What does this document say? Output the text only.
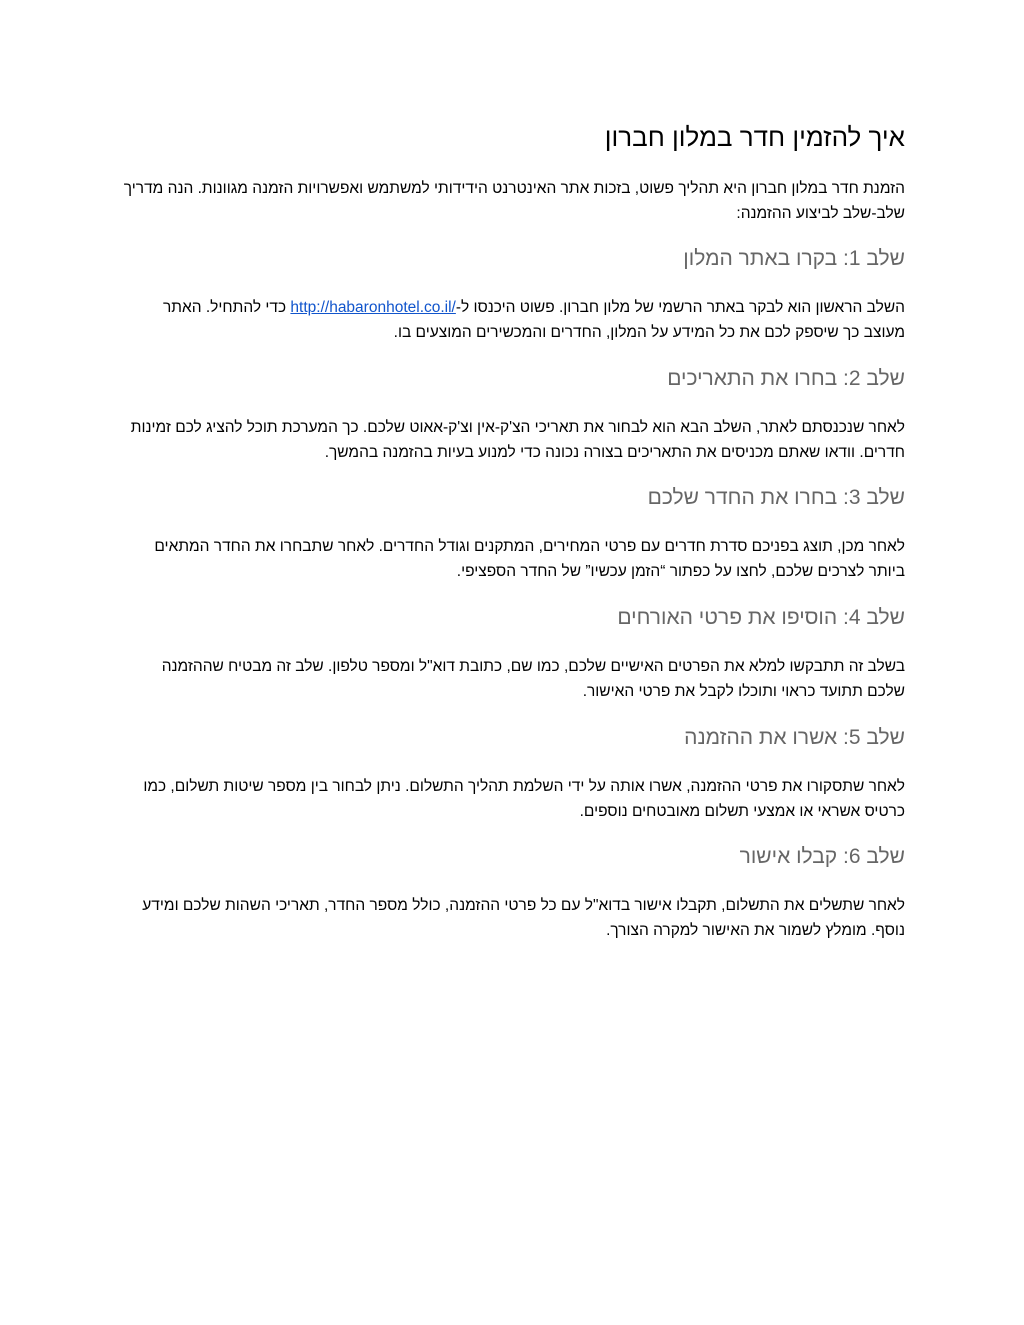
איך להזמין חדר במלון חברון

הזמנת חדר במלון חברון היא תהליך פשוט, בזכות אתר האינטרנט הידידותי למשתמש ואפשרויות הזמנה מגוונות. הנה מדריך שלב-שלב לביצוע ההזמנה:

שלב 1: בקרו באתר המלון

השלב הראשון הוא לבקר באתר הרשמי של מלון חברון. פשוט היכנסו ל-http://habaronhotel.co.il/ כדי להתחיל. האתר מעוצב כך שיספק לכם את כל המידע על המלון, החדרים והמכשירים המוצעים בו.

שלב 2: בחרו את התאריכים

לאחר שנכנסתם לאתר, השלב הבא הוא לבחור את תאריכי הצ'ק-אין וצ'ק-אאוט שלכם. כך המערכת תוכל להציג לכם זמינות חדרים. וודאו שאתם מכניסים את התאריכים בצורה נכונה כדי למנוע בעיות בהזמנה בהמשך.

שלב 3: בחרו את החדר שלכם

לאחר מכן, תוצג בפניכם סדרת חדרים עם פרטי המחירים, המתקנים וגודל החדרים. לאחר שתבחרו את החדר המתאים ביותר לצרכים שלכם, לחצו על כפתור “הזמן עכשיו” של החדר הספציפי.

שלב 4: הוסיפו את פרטי האורחים

בשלב זה תתבקשו למלא את הפרטים האישיים שלכם, כמו שם, כתובת דוא"ל ומספר טלפון. שלב זה מבטיח שההזמנה שלכם תתועד כראוי ותוכלו לקבל את פרטי האישור.

שלב 5: אשרו את ההזמנה

לאחר שתסקורו את פרטי ההזמנה, אשרו אותה על ידי השלמת תהליך התשלום. ניתן לבחור בין מספר שיטות תשלום, כמו כרטיס אשראי או אמצעי תשלום מאובטחים נוספים.

שלב 6: קבלו אישור

לאחר שתשלים את התשלום, תקבלו אישור בדוא"ל עם כל פרטי ההזמנה, כולל מספר החדר, תאריכי השהות שלכם ומידע נוסף. מומלץ לשמור את האישור למקרה הצורך.
